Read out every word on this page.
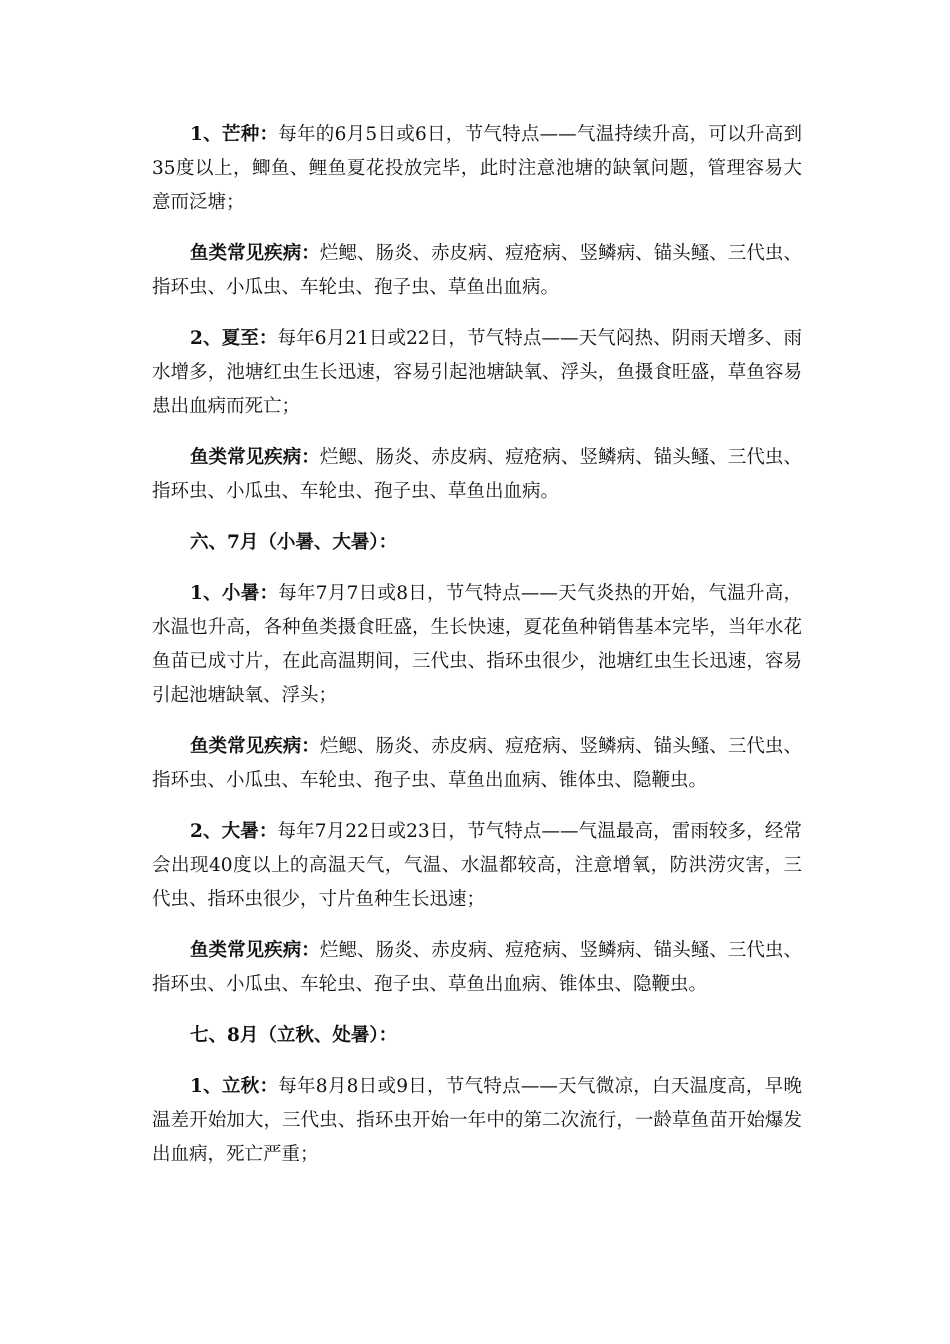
1、芒种：每年的6月5日或6日，节气特点——气温持续升高，可以升高到35度以上，鲫鱼、鲤鱼夏花投放完毕，此时注意池塘的缺氧问题，管理容易大意而泛塘；

鱼类常见疾病：烂鳃、肠炎、赤皮病、痘疮病、竖鳞病、锚头鳋、三代虫、指环虫、小瓜虫、车轮虫、孢子虫、草鱼出血病。

2、夏至：每年6月21日或22日，节气特点——天气闷热、阴雨天增多、雨水增多，池塘红虫生长迅速，容易引起池塘缺氧、浮头，鱼摄食旺盛，草鱼容易患出血病而死亡；

鱼类常见疾病：烂鳃、肠炎、赤皮病、痘疮病、竖鳞病、锚头鳋、三代虫、指环虫、小瓜虫、车轮虫、孢子虫、草鱼出血病。

六、7月（小暑、大暑）：

1、小暑：每年7月7日或8日，节气特点——天气炎热的开始，气温升高，水温也升高，各种鱼类摄食旺盛，生长快速，夏花鱼种销售基本完毕，当年水花鱼苗已成寸片，在此高温期间，三代虫、指环虫很少，池塘红虫生长迅速，容易引起池塘缺氧、浮头；

鱼类常见疾病：烂鳃、肠炎、赤皮病、痘疮病、竖鳞病、锚头鳋、三代虫、指环虫、小瓜虫、车轮虫、孢子虫、草鱼出血病、锥体虫、隐鞭虫。

2、大暑：每年7月22日或23日，节气特点——气温最高，雷雨较多，经常会出现40度以上的高温天气，气温、水温都较高，注意增氧，防洪涝灾害，三代虫、指环虫很少，寸片鱼种生长迅速；

鱼类常见疾病：烂鳃、肠炎、赤皮病、痘疮病、竖鳞病、锚头鳋、三代虫、指环虫、小瓜虫、车轮虫、孢子虫、草鱼出血病、锥体虫、隐鞭虫。

七、8月（立秋、处暑）：

1、立秋：每年8月8日或9日，节气特点——天气微凉，白天温度高，早晚温差开始加大，三代虫、指环虫开始一年中的第二次流行，一龄草鱼苗开始爆发出血病，死亡严重；
